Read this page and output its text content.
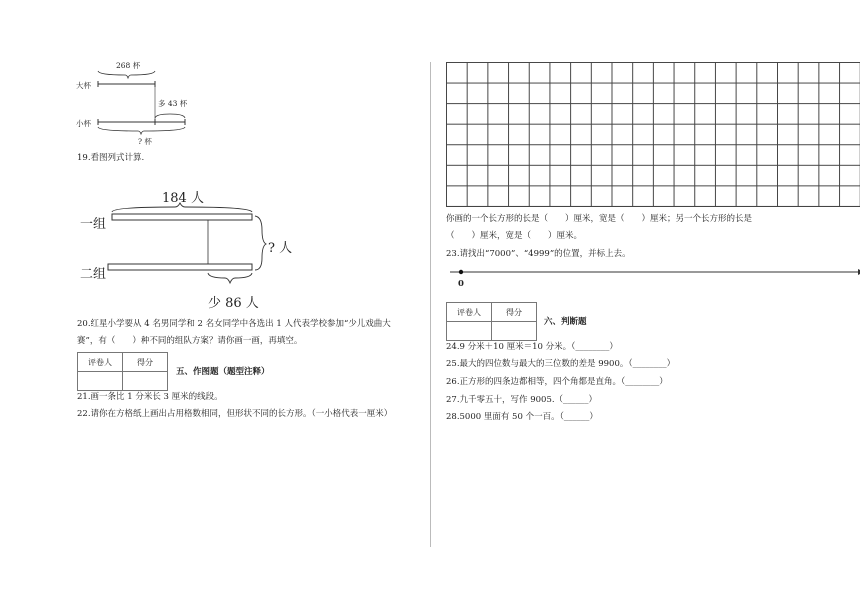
268 杯
大杯
多 43 杯
小杯
? 杯
19.看图列式计算.
184 人
一组
? 人
二组
少 86 人
20.红星小学要从 4 名男同学和 2 名女同学中各选出 1 人代表学校参加“少儿戏曲大
赛”，有（　　）种不同的组队方案？请你画一画，再填空。
评卷人	得分

五、作图题（题型注释）
21.画一条比 1 分米长 3 厘米的线段。
22.请你在方格纸上画出占用格数相同，但形状不同的长方形。（一小格代表一厘米）
你画的一个长方形的长是（　　）厘米，宽是（　　）厘米；另一个长方形的长是
（　　）厘米，宽是（　　）厘米。
23.请找出“7000”、“4999”的位置，并标上去。
0
评卷人	得分

六、判断题
24.9 分米＋10 厘米＝10 分米。（________）
25.最大的四位数与最大的三位数的差是 9900。（________）
26.正方形的四条边都相等，四个角都是直角。（________）
27.九千零五十，写作 9005.（______）
28.5000 里面有 50 个一百。（______）
